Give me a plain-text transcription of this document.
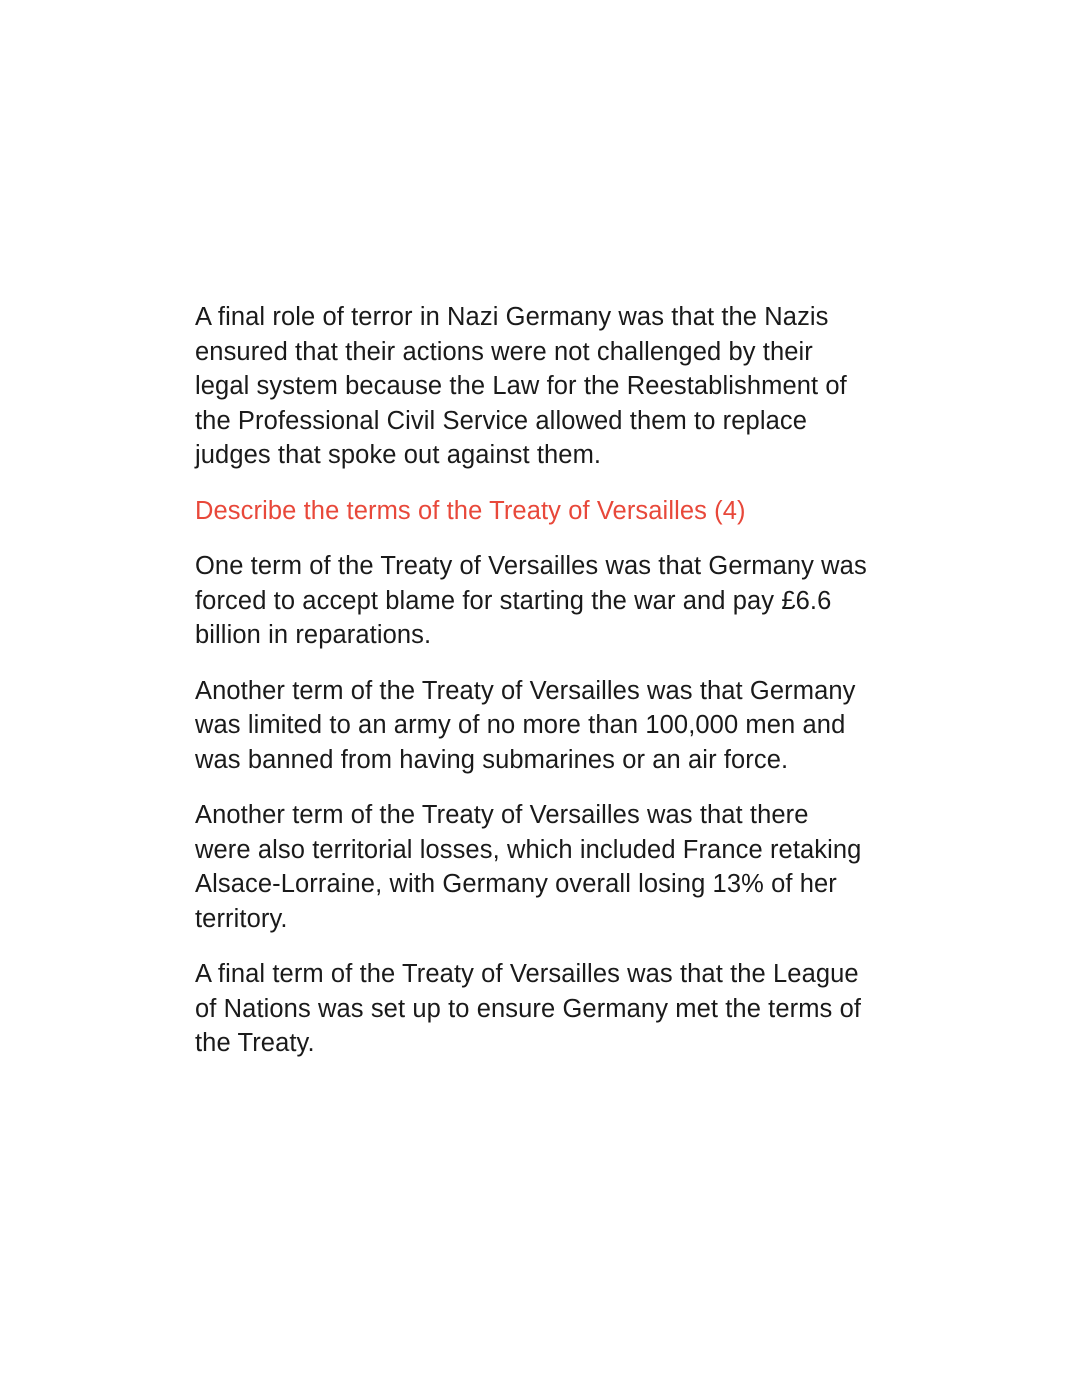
A final role of terror in Nazi Germany was that the Nazis ensured that their actions were not challenged by their legal system because the Law for the Reestablishment of the Professional Civil Service allowed them to replace judges that spoke out against them.

Describe the terms of the Treaty of Versailles (4)

One term of the Treaty of Versailles was that Germany was forced to accept blame for starting the war and pay £6.6 billion in reparations.

Another term of the Treaty of Versailles was that Germany was limited to an army of no more than 100,000 men and was banned from having submarines or an air force.

Another term of the Treaty of Versailles was that there were also territorial losses, which included France retaking Alsace-Lorraine, with Germany overall losing 13% of her territory.

A final term of the Treaty of Versailles was that the League of Nations was set up to ensure Germany met the terms of the Treaty.
